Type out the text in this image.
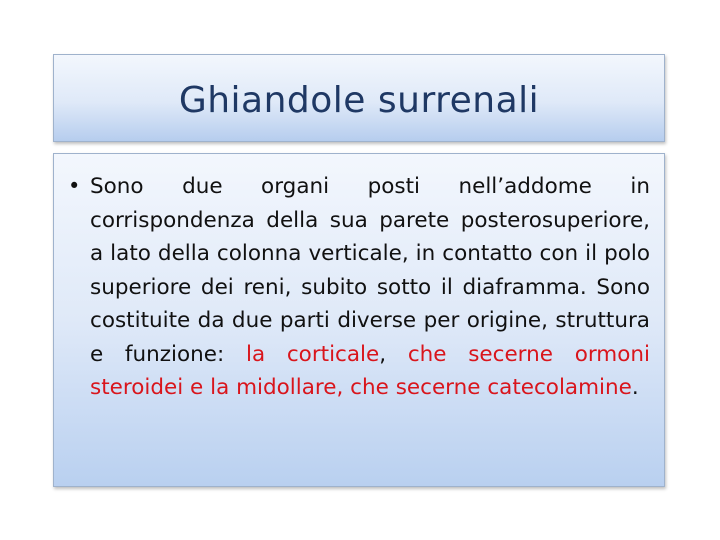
Ghiandole surrenali
• Sono due organi posti nell’addome in corrispondenza della sua parete posterosuperiore, a lato della colonna verticale, in contatto con il polo superiore dei reni, subito sotto il diaframma. Sono costituite da due parti diverse per origine, struttura e funzione: la corticale, che secerne ormoni steroidei e la midollare, che secerne catecolamine.
